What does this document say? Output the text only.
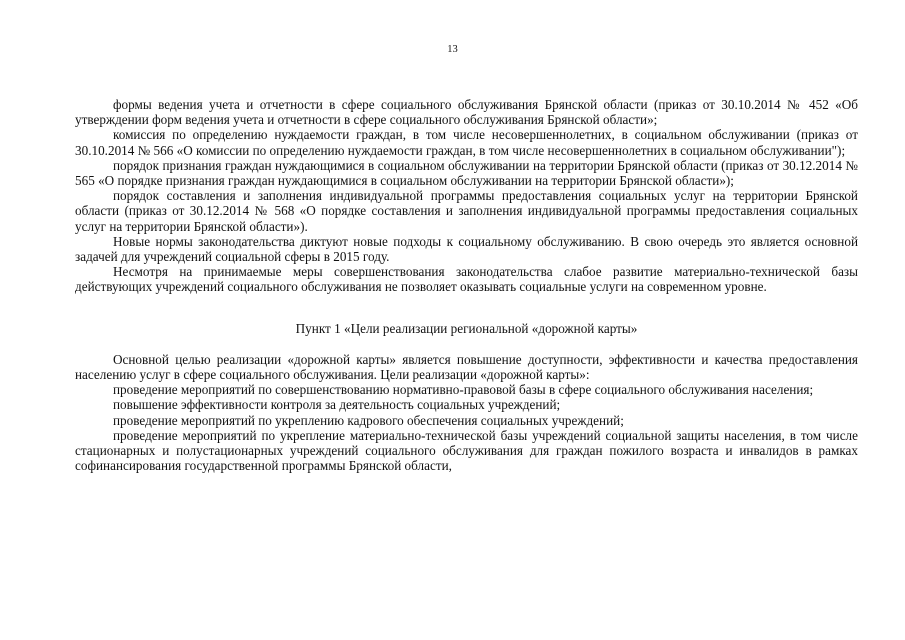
13

формы ведения учета и отчетности в сфере социального обслуживания Брянской области (приказ от 30.10.2014 № 452 «Об утверждении форм ведения учета и отчетности в сфере социального обслуживания Брянской области»;

комиссия по определению нуждаемости граждан, в том числе несовершеннолетних, в социальном обслуживании (приказ от 30.10.2014 № 566 «О комиссии по определению нуждаемости граждан, в том числе несовершеннолетних в социальном обслуживании");

порядок признания граждан нуждающимися в социальном обслуживании на территории Брянской области (приказ от 30.12.2014 № 565 «О порядке признания граждан нуждающимися в социальном обслуживании на территории Брянской области»);

порядок составления и заполнения индивидуальной программы предоставления социальных услуг на территории Брянской области (приказ от 30.12.2014 № 568 «О порядке составления и заполнения индивидуальной программы предоставления социальных услуг на территории Брянской области»).

Новые нормы законодательства диктуют новые подходы к социальному обслуживанию. В свою очередь это является основной задачей для учреждений социальной сферы в 2015 году.

Несмотря на принимаемые меры совершенствования законодательства слабое развитие материально-технической базы действующих учреждений социального обслуживания не позволяет оказывать социальные услуги на современном уровне.

Пункт 1 «Цели реализации региональной «дорожной карты»

Основной целью реализации «дорожной карты» является повышение доступности, эффективности и качества предоставления населению услуг в сфере социального обслуживания. Цели реализации «дорожной карты»:

проведение мероприятий по совершенствованию нормативно-правовой базы в сфере социального обслуживания населения;

повышение эффективности контроля за деятельность социальных учреждений;

проведение мероприятий по укреплению кадрового обеспечения социальных учреждений;

проведение мероприятий по укрепление материально-технической базы учреждений социальной защиты населения, в том числе стационарных и полустационарных учреждений социального обслуживания для граждан пожилого возраста и инвалидов в рамках софинансирования государственной программы Брянской области,
